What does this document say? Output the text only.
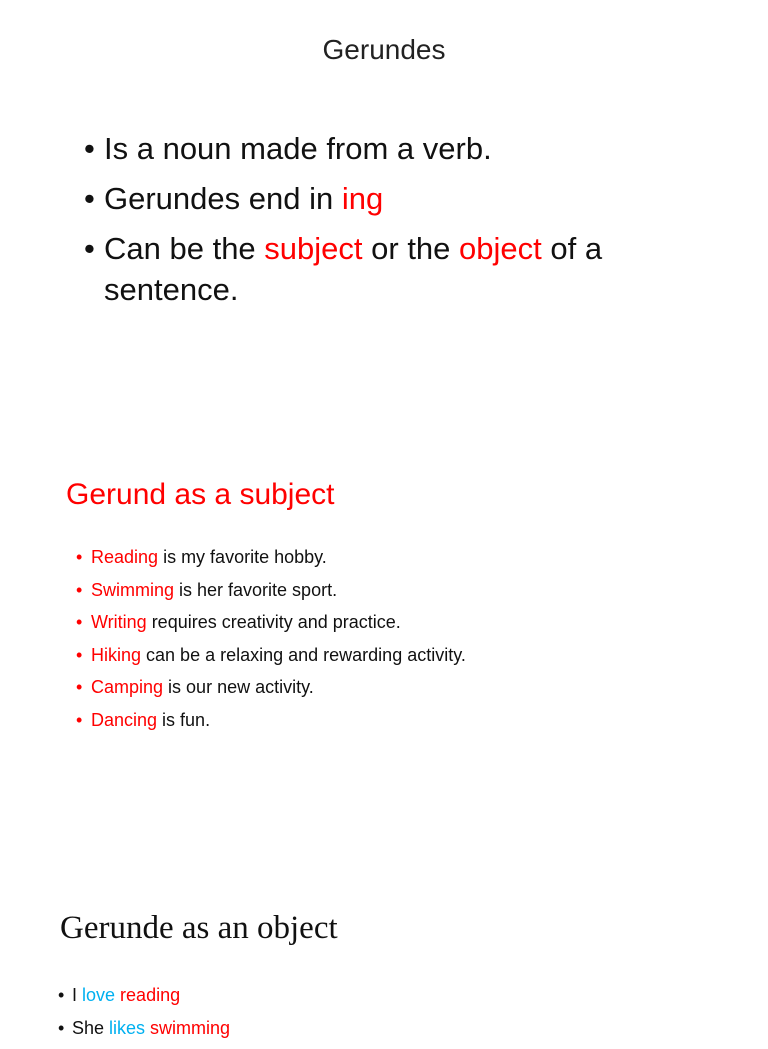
Gerundes
• Is a noun made from a verb.
• Gerundes end in ing
• Can be the subject or the object of a sentence.
Gerund as a subject
• Reading is my favorite hobby.
• Swimming is her favorite sport.
• Writing requires creativity and practice.
• Hiking can be a relaxing and rewarding activity.
• Camping is our new activity.
• Dancing is fun.
Gerunde as an object
• I love reading
• She likes swimming
